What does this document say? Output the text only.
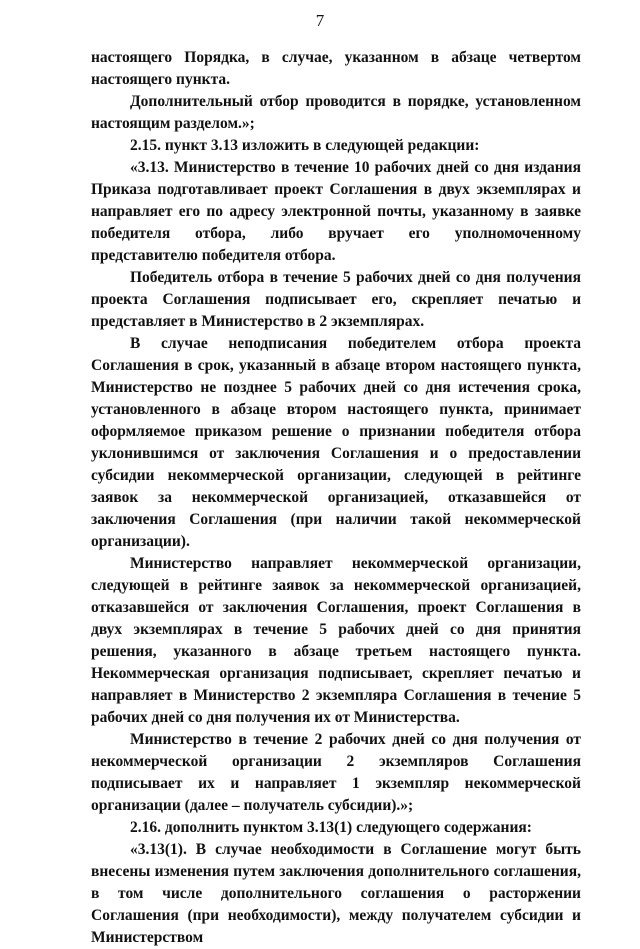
7

настоящего Порядка, в случае, указанном в абзаце четвертом настоящего пункта.

Дополнительный отбор проводится в порядке, установленном настоящим разделом.»;

2.15. пункт 3.13 изложить в следующей редакции:

«3.13. Министерство в течение 10 рабочих дней со дня издания Приказа подготавливает проект Соглашения в двух экземплярах и направляет его по адресу электронной почты, указанному в заявке победителя отбора, либо вручает его уполномоченному представителю победителя отбора.

Победитель отбора в течение 5 рабочих дней со дня получения проекта Соглашения подписывает его, скрепляет печатью и представляет в Министерство в 2 экземплярах.

В случае неподписания победителем отбора проекта Соглашения в срок, указанный в абзаце втором настоящего пункта, Министерство не позднее 5 рабочих дней со дня истечения срока, установленного в абзаце втором настоящего пункта, принимает оформляемое приказом решение о признании победителя отбора уклонившимся от заключения Соглашения и о предоставлении субсидии некоммерческой организации, следующей в рейтинге заявок за некоммерческой организацией, отказавшейся от заключения Соглашения (при наличии такой некоммерческой организации).

Министерство направляет некоммерческой организации, следующей в рейтинге заявок за некоммерческой организацией, отказавшейся от заключения Соглашения, проект Соглашения в двух экземплярах в течение 5 рабочих дней со дня принятия решения, указанного в абзаце третьем настоящего пункта. Некоммерческая организация подписывает, скрепляет печатью и направляет в Министерство 2 экземпляра Соглашения в течение 5 рабочих дней со дня получения их от Министерства.

Министерство в течение 2 рабочих дней со дня получения от некоммерческой организации 2 экземпляров Соглашения подписывает их и направляет 1 экземпляр некоммерческой организации (далее – получатель субсидии).»;

2.16. дополнить пунктом 3.13(1) следующего содержания:

«3.13(1). В случае необходимости в Соглашение могут быть внесены изменения путем заключения дополнительного соглашения, в том числе дополнительного соглашения о расторжении Соглашения (при необходимости), между получателем субсидии и Министерством
